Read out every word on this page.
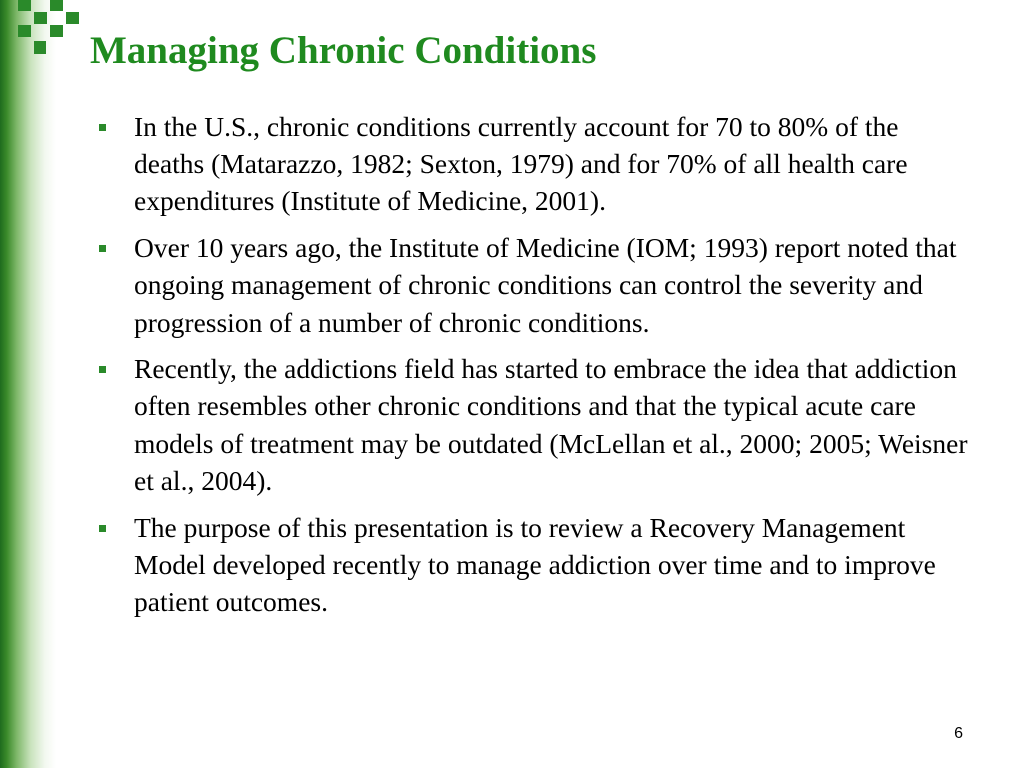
Managing Chronic Conditions
In the U.S., chronic conditions currently account for 70 to 80% of the deaths (Matarazzo, 1982; Sexton, 1979) and for 70% of all health care expenditures (Institute of Medicine, 2001).
Over 10 years ago, the Institute of Medicine (IOM; 1993) report noted that ongoing management of chronic conditions can control the severity and progression of a number of chronic conditions.
Recently, the addictions field has started to embrace the idea that addiction often resembles other chronic conditions and that the typical acute care models of treatment may be outdated (McLellan et al., 2000; 2005; Weisner et al., 2004).
The purpose of this presentation is to review a Recovery Management Model developed recently to manage addiction over time and to improve patient outcomes.
6
